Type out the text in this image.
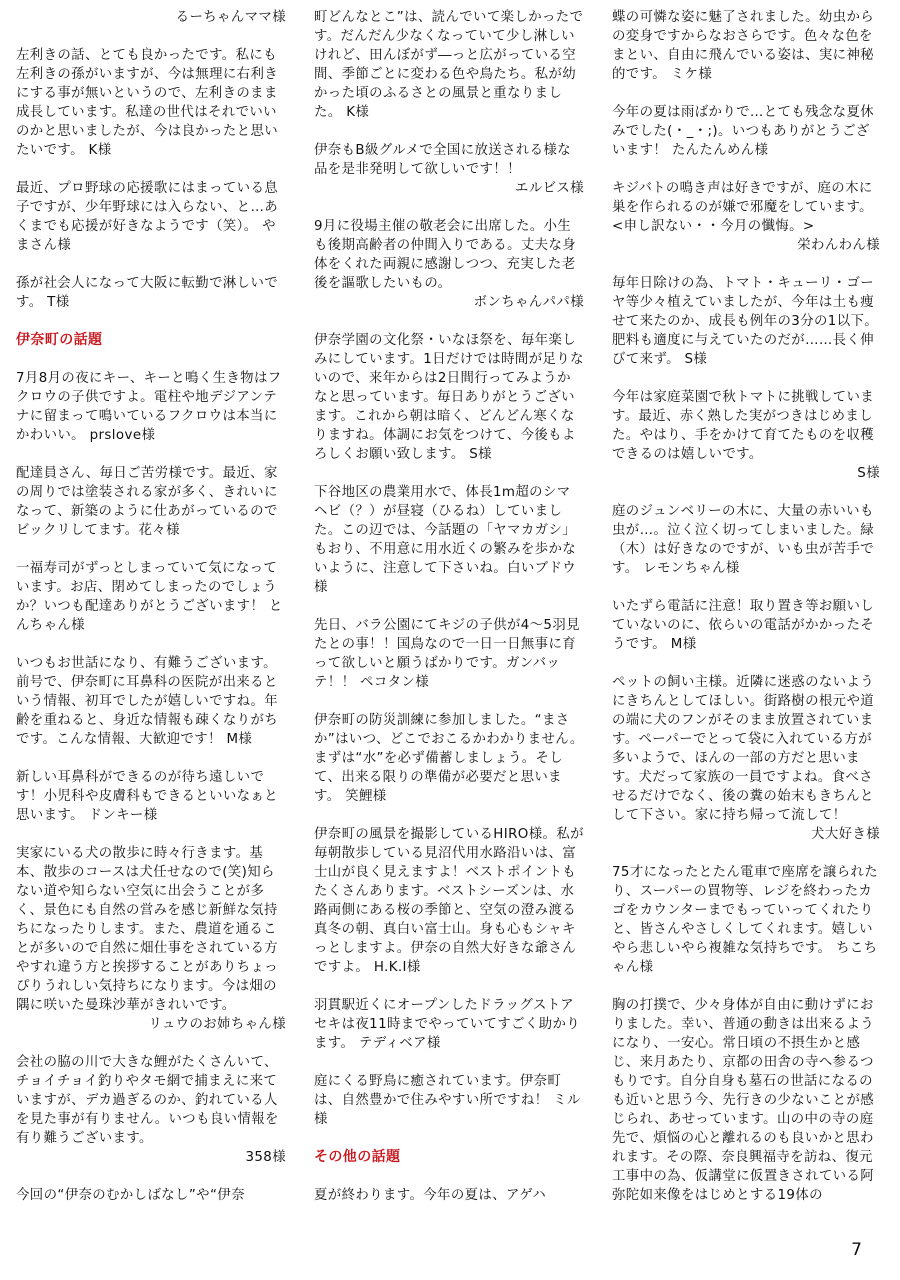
るーちゃんママ様
左利きの話、とても良かったです。私にも左利きの孫がいますが、今は無理に右利きにする事が無いというので、左利きのまま成長しています。私達の世代はそれでいいのかと思いましたが、今は良かったと思いたいです。 K様
最近、プロ野球の応援歌にはまっている息子ですが、少年野球には入らない、と…あくまでも応援が好きなようです（笑）。 やまさん様
孫が社会人になって大阪に転勤で淋しいです。 T様
伊奈町の話題
7月8月の夜にキー、キーと鳴く生き物はフクロウの子供ですよ。電柱や地デジアンテナに留まって鳴いているフクロウは本当にかわいい。 prslove様
配達員さん、毎日ご苦労様です。最近、家の周りでは塗装される家が多く、きれいになって、新築のように仕あがっているのでビックリしてます。花々様
一福寿司がずっとしまっていて気になっています。お店、閉めてしまったのでしょうか？いつも配達ありがとうございます！ とんちゃん様
いつもお世話になり、有難うございます。前号で、伊奈町に耳鼻科の医院が出来るという情報、初耳でしたが嬉しいですね。年齢を重ねると、身近な情報も疎くなりがちです。こんな情報、大歓迎です！ M様
新しい耳鼻科ができるのが待ち遠しいです！小児科や皮膚科もできるといいなぁと思います。 ドンキー様
実家にいる犬の散歩に時々行きます。基本、散歩のコースは犬任せなので(笑)知らない道や知らない空気に出会うことが多く、景色にも自然の営みを感じ新鮮な気持ちになったりします。また、農道を通ることが多いので自然に畑仕事をされている方やすれ違う方と挨拶することがありちょっぴりうれしい気持ちになります。今は畑の隅に咲いた曼珠沙華がきれいです。
リュウのお姉ちゃん様
会社の脇の川で大きな鯉がたくさんいて、チョイチョイ釣りやタモ網で捕まえに来ていますが、デカ過ぎるのか、釣れている人を見た事が有りません。いつも良い情報を有り難うございます。
358様
今回の“伊奈のむかしばなし”や“伊奈
町どんなとこ”は、読んでいて楽しかったです。だんだん少なくなっていて少し淋しいけれど、田んぼがず―っと広がっている空間、季節ごとに変わる色や鳥たち。私が幼かった頃のふるさとの風景と重なりました。 K様
伊奈もB級グルメで全国に放送される様な品を是非発明して欲しいです！！
エルビス様
9月に役場主催の敬老会に出席した。小生も後期高齢者の仲間入りである。丈夫な身体をくれた両親に感謝しつつ、充実した老後を謳歌したいもの。
ボンちゃんパパ様
伊奈学園の文化祭・いなほ祭を、毎年楽しみにしています。1日だけでは時間が足りないので、来年からは2日間行ってみようかなと思っています。毎日ありがとうございます。これから朝は暗く、どんどん寒くなりますね。体調にお気をつけて、今後もよろしくお願い致します。 S様
下谷地区の農業用水で、体長1m超のシマヘビ（？）が昼寝（ひるね）していました。この辺では、今話題の「ヤマカガシ」もおり、不用意に用水近くの繁みを歩かないように、注意して下さいね。白いブドウ様
先日、バラ公園にてキジの子供が4〜5羽見たとの事！！国鳥なので一日一日無事に育って欲しいと願うばかりです。ガンバッテ！！ ペコタン様
伊奈町の防災訓練に参加しました。“まさか”はいつ、どこでおこるかわかりません。まずは“水”を必ず備蓄しましょう。そして、出来る限りの準備が必要だと思います。 笑鯉様
伊奈町の風景を撮影しているHIRO様。私が毎朝散歩している見沼代用水路沿いは、富士山が良く見えますよ！ベストポイントもたくさんあります。ベストシーズンは、水路両側にある桜の季節と、空気の澄み渡る真冬の朝、真白い富士山。身も心もシャキっとしますよ。伊奈の自然大好きな爺さんですよ。 H.K.I様
羽貫駅近くにオープンしたドラッグストアセキは夜11時までやっていてすごく助かります。 テディベア様
庭にくる野鳥に癒されています。伊奈町は、自然豊かで住みやすい所ですね！ ミル様
その他の話題
夏が終わります。今年の夏は、アゲハ
蝶の可憐な姿に魅了されました。幼虫からの変身ですからなおさらです。色々な色をまとい、自由に飛んでいる姿は、実に神秘的です。 ミケ様
今年の夏は雨ばかりで…とても残念な夏休みでした(・_・;)。いつもありがとうございます！ たんたんめん様
キジバトの鳴き声は好きですが、庭の木に巣を作られるのが嫌で邪魔をしています。<申し訳ない・・今月の懺悔。>
栄わんわん様
毎年日除けの為、トマト・キューリ・ゴーヤ等少々植えていましたが、今年は土も痩せて来たのか、成長も例年の3分の1以下。肥料も適度に与えていたのだが……長く伸びて来ず。 S様
今年は家庭菜園で秋トマトに挑戦しています。最近、赤く熟した実がつきはじめました。やはり、手をかけて育てたものを収穫できるのは嬉しいです。
S様
庭のジュンベリーの木に、大量の赤いいも虫が…。泣く泣く切ってしまいました。緑（木）は好きなのですが、いも虫が苦手です。 レモンちゃん様
いたずら電話に注意！取り置き等お願いしていないのに、依らいの電話がかかったそうです。 M様
ペットの飼い主様。近隣に迷惑のないようにきちんとしてほしい。街路樹の根元や道の端に犬のフンがそのまま放置されています。ペーパーでとって袋に入れている方が多いようで、ほんの一部の方だと思います。犬だって家族の一員ですよね。食べさせるだけでなく、後の糞の始末もきちんとして下さい。家に持ち帰って流して！
犬大好き様
75才になったとたん電車で座席を譲られたり、スーパーの買物等、レジを終わったカゴをカウンターまでもっていってくれたりと、皆さんやさしくしてくれます。嬉しいやら悲しいやら複雑な気持ちです。 ちこちゃん様
胸の打撲で、少々身体が自由に動けずにおりました。幸い、普通の動きは出来るようになり、一安心。常日頃の不摂生かと感じ、来月あたり、京都の田舎の寺へ参るつもりです。自分自身も墓石の世話になるのも近いと思う今、先行きの少ないことが感じられ、あせっています。山の中の寺の庭先で、煩悩の心と離れるのも良いかと思われます。その際、奈良興福寺を訪ね、復元工事中の為、仮講堂に仮置きされている阿弥陀如来像をはじめとする19体の
7
